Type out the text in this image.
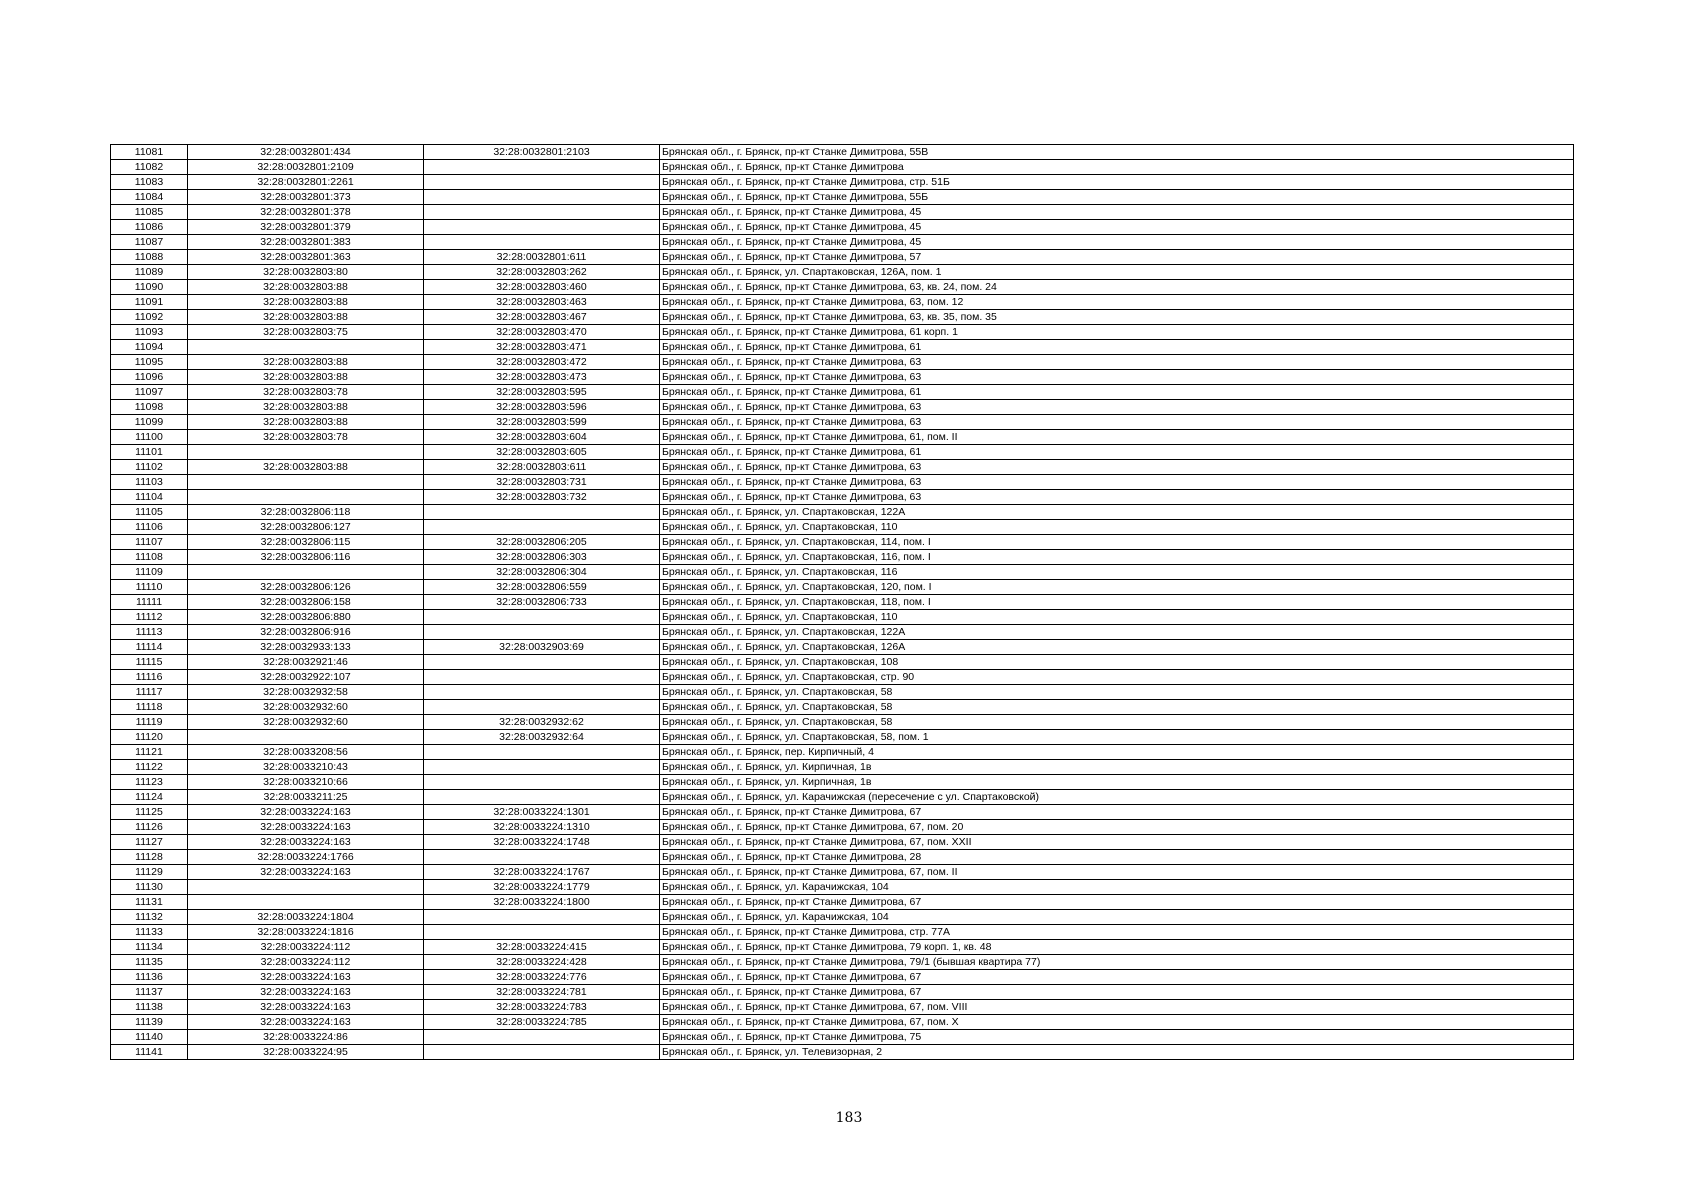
11081	32:28:0032801:434	32:28:0032801:2103	Брянская обл., г. Брянск, пр-кт Станке Димитрова, 55В
11082	32:28:0032801:2109		Брянская обл., г. Брянск, пр-кт Станке Димитрова
11083	32:28:0032801:2261		Брянская обл., г. Брянск, пр-кт Станке Димитрова, стр. 51Б
11084	32:28:0032801:373		Брянская обл., г. Брянск, пр-кт Станке Димитрова, 55Б
11085	32:28:0032801:378		Брянская обл., г. Брянск, пр-кт Станке Димитрова, 45
11086	32:28:0032801:379		Брянская обл., г. Брянск, пр-кт Станке Димитрова, 45
11087	32:28:0032801:383		Брянская обл., г. Брянск, пр-кт Станке Димитрова, 45
11088	32:28:0032801:363	32:28:0032801:611	Брянская обл., г. Брянск, пр-кт Станке Димитрова, 57
11089	32:28:0032803:80	32:28:0032803:262	Брянская обл., г. Брянск, ул. Спартаковская, 126А, пом. 1
11090	32:28:0032803:88	32:28:0032803:460	Брянская обл., г. Брянск, пр-кт Станке Димитрова, 63, кв. 24, пом. 24
11091	32:28:0032803:88	32:28:0032803:463	Брянская обл., г. Брянск, пр-кт Станке Димитрова, 63, пом. 12
11092	32:28:0032803:88	32:28:0032803:467	Брянская обл., г. Брянск, пр-кт Станке Димитрова, 63, кв. 35, пом. 35
11093	32:28:0032803:75	32:28:0032803:470	Брянская обл., г. Брянск, пр-кт Станке Димитрова, 61 корп. 1
11094		32:28:0032803:471	Брянская обл., г. Брянск, пр-кт Станке Димитрова, 61
11095	32:28:0032803:88	32:28:0032803:472	Брянская обл., г. Брянск, пр-кт Станке Димитрова, 63
11096	32:28:0032803:88	32:28:0032803:473	Брянская обл., г. Брянск, пр-кт Станке Димитрова, 63
11097	32:28:0032803:78	32:28:0032803:595	Брянская обл., г. Брянск, пр-кт Станке Димитрова, 61
11098	32:28:0032803:88	32:28:0032803:596	Брянская обл., г. Брянск, пр-кт Станке Димитрова, 63
11099	32:28:0032803:88	32:28:0032803:599	Брянская обл., г. Брянск, пр-кт Станке Димитрова, 63
11100	32:28:0032803:78	32:28:0032803:604	Брянская обл., г. Брянск, пр-кт Станке Димитрова, 61, пом. II
11101		32:28:0032803:605	Брянская обл., г. Брянск, пр-кт Станке Димитрова, 61
11102	32:28:0032803:88	32:28:0032803:611	Брянская обл., г. Брянск, пр-кт Станке Димитрова, 63
11103		32:28:0032803:731	Брянская обл., г. Брянск, пр-кт Станке Димитрова, 63
11104		32:28:0032803:732	Брянская обл., г. Брянск, пр-кт Станке Димитрова, 63
11105	32:28:0032806:118		Брянская обл., г. Брянск, ул. Спартаковская, 122А
11106	32:28:0032806:127		Брянская обл., г. Брянск, ул. Спартаковская, 110
11107	32:28:0032806:115	32:28:0032806:205	Брянская обл., г. Брянск, ул. Спартаковская, 114, пом. I
11108	32:28:0032806:116	32:28:0032806:303	Брянская обл., г. Брянск, ул. Спартаковская, 116, пом. I
11109		32:28:0032806:304	Брянская обл., г. Брянск, ул. Спартаковская, 116
11110	32:28:0032806:126	32:28:0032806:559	Брянская обл., г. Брянск, ул. Спартаковская, 120, пом. I
11111	32:28:0032806:158	32:28:0032806:733	Брянская обл., г. Брянск, ул. Спартаковская, 118, пом. I
11112	32:28:0032806:880		Брянская обл., г. Брянск, ул. Спартаковская, 110
11113	32:28:0032806:916		Брянская обл., г. Брянск, ул. Спартаковская, 122А
11114	32:28:0032933:133	32:28:0032903:69	Брянская обл., г. Брянск, ул. Спартаковская, 126А
11115	32:28:0032921:46		Брянская обл., г. Брянск, ул. Спартаковская, 108
11116	32:28:0032922:107		Брянская обл., г. Брянск, ул. Спартаковская, стр. 90
11117	32:28:0032932:58		Брянская обл., г. Брянск, ул. Спартаковская, 58
11118	32:28:0032932:60		Брянская обл., г. Брянск, ул. Спартаковская, 58
11119	32:28:0032932:60	32:28:0032932:62	Брянская обл., г. Брянск, ул. Спартаковская, 58
11120		32:28:0032932:64	Брянская обл., г. Брянск, ул. Спартаковская, 58, пом. 1
11121	32:28:0033208:56		Брянская обл., г. Брянск, пер. Кирпичный, 4
11122	32:28:0033210:43		Брянская обл., г. Брянск, ул. Кирпичная, 1в
11123	32:28:0033210:66		Брянская обл., г. Брянск, ул. Кирпичная, 1в
11124	32:28:0033211:25		Брянская обл., г. Брянск, ул. Карачижская (пересечение с ул. Спартаковской)
11125	32:28:0033224:163	32:28:0033224:1301	Брянская обл., г. Брянск, пр-кт Станке Димитрова, 67
11126	32:28:0033224:163	32:28:0033224:1310	Брянская обл., г. Брянск, пр-кт Станке Димитрова, 67, пом. 20
11127	32:28:0033224:163	32:28:0033224:1748	Брянская обл., г. Брянск, пр-кт Станке Димитрова, 67, пом. XXII
11128	32:28:0033224:1766		Брянская обл., г. Брянск, пр-кт Станке Димитрова, 28
11129	32:28:0033224:163	32:28:0033224:1767	Брянская обл., г. Брянск, пр-кт Станке Димитрова, 67, пом. II
11130		32:28:0033224:1779	Брянская обл., г. Брянск, ул. Карачижская, 104
11131		32:28:0033224:1800	Брянская обл., г. Брянск, пр-кт Станке Димитрова, 67
11132	32:28:0033224:1804		Брянская обл., г. Брянск, ул. Карачижская, 104
11133	32:28:0033224:1816		Брянская обл., г. Брянск, пр-кт Станке Димитрова, стр. 77А
11134	32:28:0033224:112	32:28:0033224:415	Брянская обл., г. Брянск, пр-кт Станке Димитрова, 79 корп. 1, кв. 48
11135	32:28:0033224:112	32:28:0033224:428	Брянская обл., г. Брянск, пр-кт Станке Димитрова, 79/1 (бывшая квартира 77)
11136	32:28:0033224:163	32:28:0033224:776	Брянская обл., г. Брянск, пр-кт Станке Димитрова, 67
11137	32:28:0033224:163	32:28:0033224:781	Брянская обл., г. Брянск, пр-кт Станке Димитрова, 67
11138	32:28:0033224:163	32:28:0033224:783	Брянская обл., г. Брянск, пр-кт Станке Димитрова, 67, пом. VIII
11139	32:28:0033224:163	32:28:0033224:785	Брянская обл., г. Брянск, пр-кт Станке Димитрова, 67, пом. X
11140	32:28:0033224:86		Брянская обл., г. Брянск, пр-кт Станке Димитрова, 75
11141	32:28:0033224:95		Брянская обл., г. Брянск, ул. Телевизорная, 2
183
